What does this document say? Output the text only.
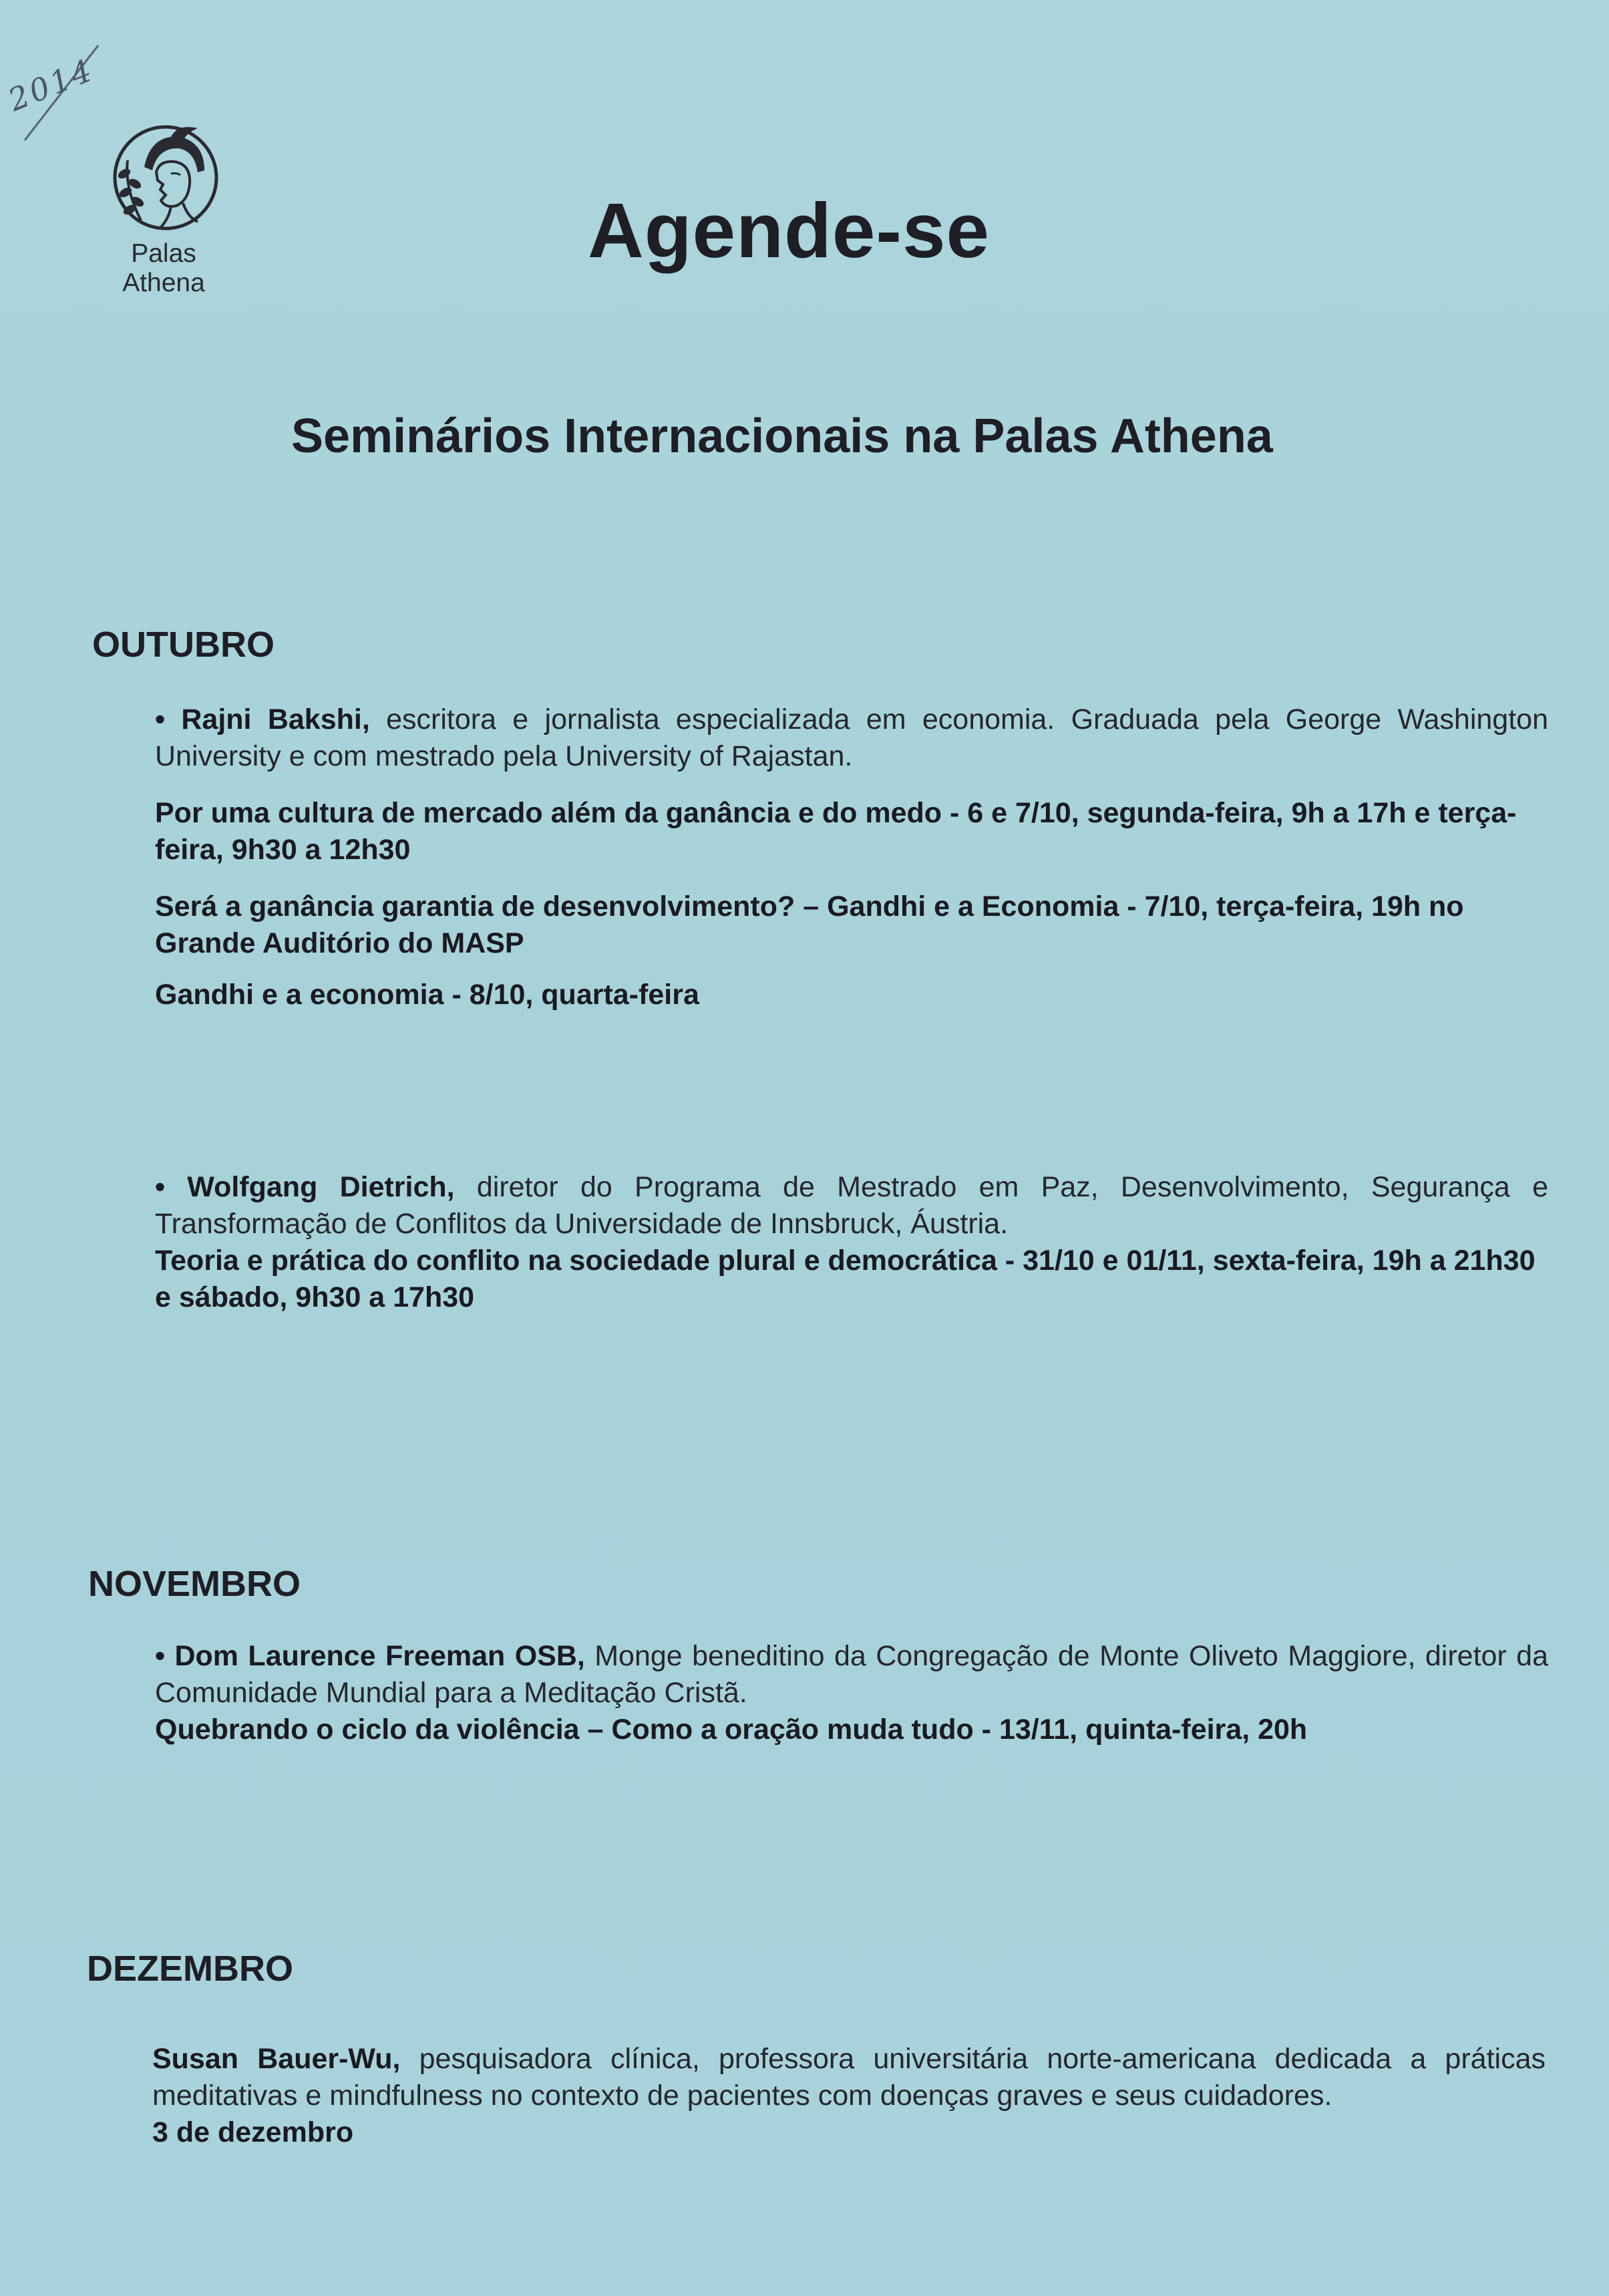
2014
Palas
Athena
Agende-se
Seminários Internacionais na Palas Athena
OUTUBRO

• Rajni Bakshi, escritora e jornalista especializada em economia. Graduada pela George Washington University e com mestrado pela University of Rajastan.

Por uma cultura de mercado além da ganância e do medo - 6 e 7/10, segunda-feira, 9h a 17h e terça-feira, 9h30 a 12h30

Será a ganância garantia de desenvolvimento? – Gandhi e a Economia - 7/10, terça-feira, 19h no Grande Auditório do MASP

Gandhi e a economia - 8/10, quarta-feira

• Wolfgang Dietrich, diretor do Programa de Mestrado em Paz, Desenvolvimento, Segurança e Transformação de Conflitos da Universidade de Innsbruck, Áustria.

Teoria e prática do conflito na sociedade plural e democrática - 31/10 e 01/11, sexta-feira, 19h a 21h30 e sábado, 9h30 a 17h30

NOVEMBRO

• Dom Laurence Freeman OSB, Monge beneditino da Congregação de Monte Oliveto Maggiore, diretor da Comunidade Mundial para a Meditação Cristã.

Quebrando o ciclo da violência – Como a oração muda tudo - 13/11, quinta-feira, 20h

DEZEMBRO

Susan Bauer-Wu, pesquisadora clínica, professora universitária norte-americana dedicada a práticas meditativas e mindfulness no contexto de pacientes com doenças graves e seus cuidadores.

3 de dezembro
